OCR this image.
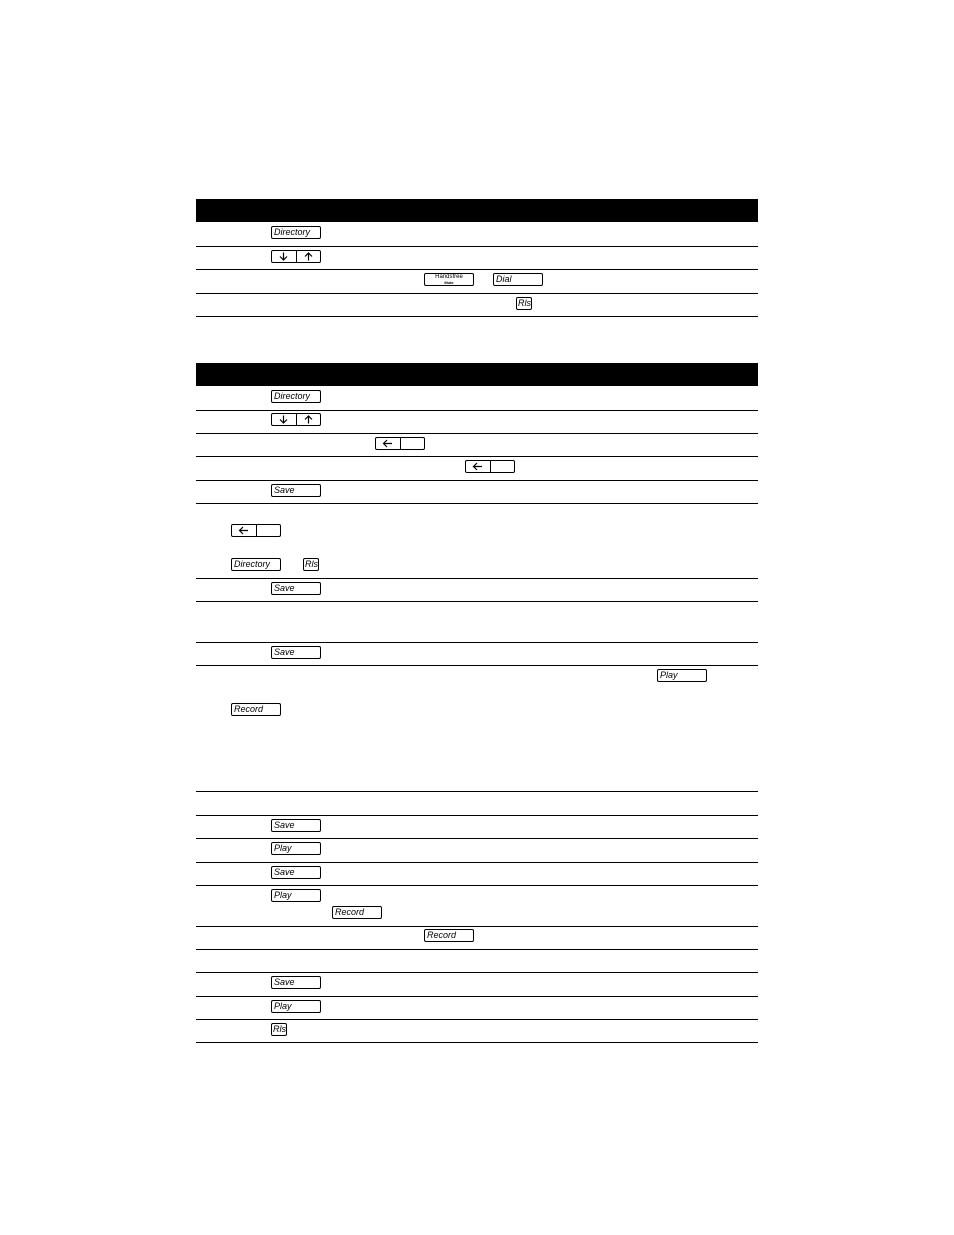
Directory
Handsfree
Mute	Dial
Rls
Directory
Save
Directory	Rls
Save
Save
Play
Record
Save
Play
Save
Play
Record
Record
Save
Play
Rls
